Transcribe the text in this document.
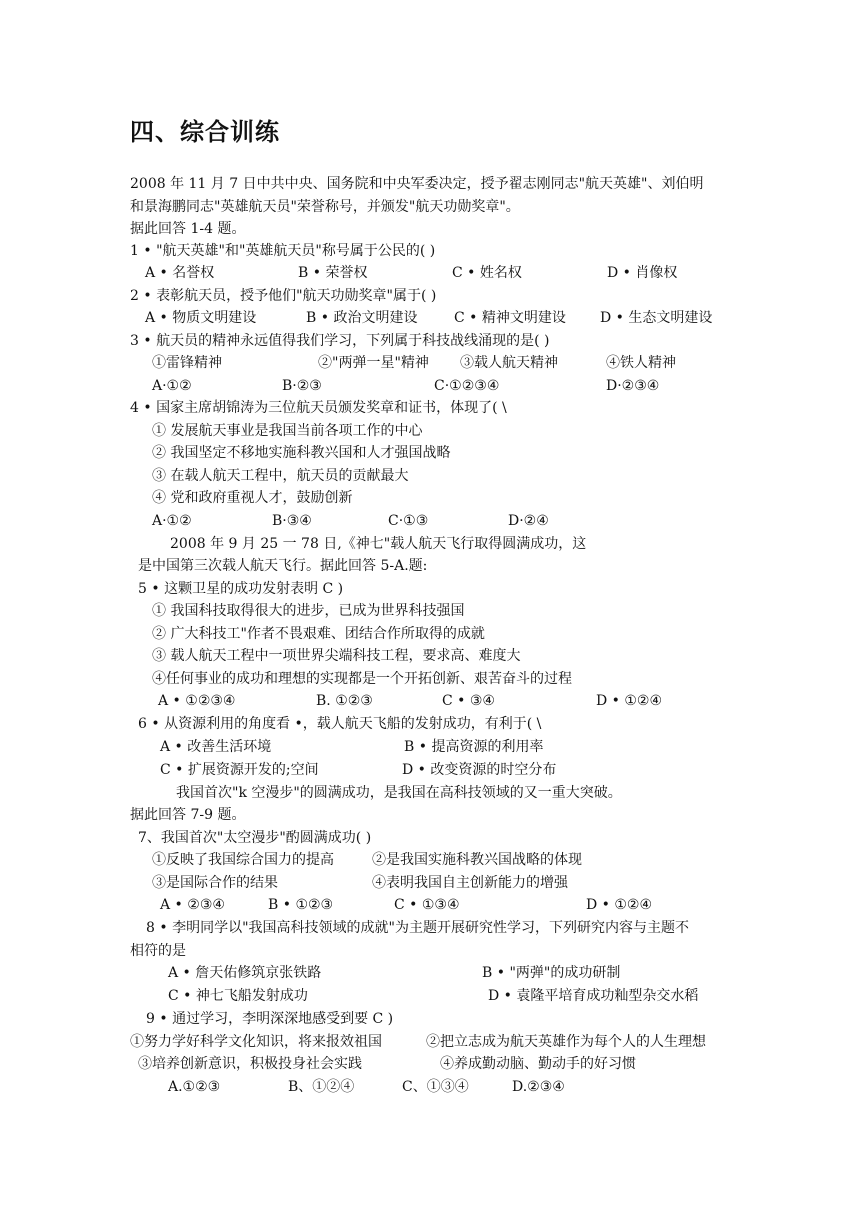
四、综合训练
2008 年 11 月 7 日中共中央、国务院和中央军委决定，授予翟志刚同志"航天英雄"、刘伯明
和景海鹏同志"英雄航天员"荣誉称号，并颁发"航天功勋奖章"。
据此回答 1-4 题。
1 • "航天英雄"和"英雄航天员"称号属于公民的( )
A • 名誉权	B • 荣誉权	C • 姓名权	D • 肖像权
2 • 表彰航天员，授予他们"航天功勋奖章"属于( )
A • 物质文明建设	B • 政治文明建设	C • 精神文明建设 D • 生态文明建设
3 • 航天员的精神永远值得我们学习，下列属于科技战线涌现的是( )
①雷锋精神	②"两弹一星"精神 ③载人航天精神	④铁人精神
A·①②	B·②③	C·①②③④	D·②③④
4 • 国家主席胡锦涛为三位航天员颁发奖章和证书，体现了( \
① 发展航天事业是我国当前各项工作的中心
② 我国坚定不移地实施科教兴国和人才强国战略
③ 在载人航天工程中，航天员的贡献最大
④ 党和政府重视人才，鼓励创新
A·①②	B·③④	C·①③	D·②④
2008 年 9 月 25 一 78 日,《神七"载人航天飞行取得圆满成功，这
是中国第三次载人航天飞行。据此回答 5-A.题:
5 • 这颗卫星的成功发射表明 C )
① 我国科技取得很大的进步，已成为世界科技强国
② 广大科技工"作者不畏艰难、团结合作所取得的成就
③ 载人航天工程中一项世界尖端科技工程，要求高、难度大
④任何事业的成功和理想的实现都是一个开拓创新、艰苦奋斗的过程
A • ①②③④	B. ①②③	C • ③④	D • ①②④
6 • 从资源利用的角度看 •，载人航天飞船的发射成功，有利于( \
A • 改善生活环境	B • 提高资源的利用率
C • 扩展资源开发的;空间	D • 改变资源的时空分布
我国首次"k 空漫步"的圆满成功，是我国在高科技领域的又一重大突破。
据此回答 7-9 题。
7、我国首次"太空漫步"酌圆满成功( )
①反映了我国综合国力的提高	②是我国实施科教兴国战略的体现
③是国际合作的结果	④表明我国自主创新能力的增强
A • ②③④	B • ①②③	C • ①③④	D • ①②④
8 • 李明同学以"我国高科技领域的成就"为主题开展研究性学习，下列研究内容与主题不
相符的是
A • 詹天佑修筑京张铁路	B • "两弹"的成功研制
C • 神七飞船发射成功	D • 袁隆平培育成功籼型杂交水稻
9 • 通过学习，李明深深地感受到要 C )
①努力学好科学文化知识，将来报效祖国	②把立志成为航天英雄作为每个人的人生理想
③培养创新意识，积极投身社会实践	④养成勤动脑、勤动手的好习惯
A.①②③	B、①②④	C、①③④	D.②③④
